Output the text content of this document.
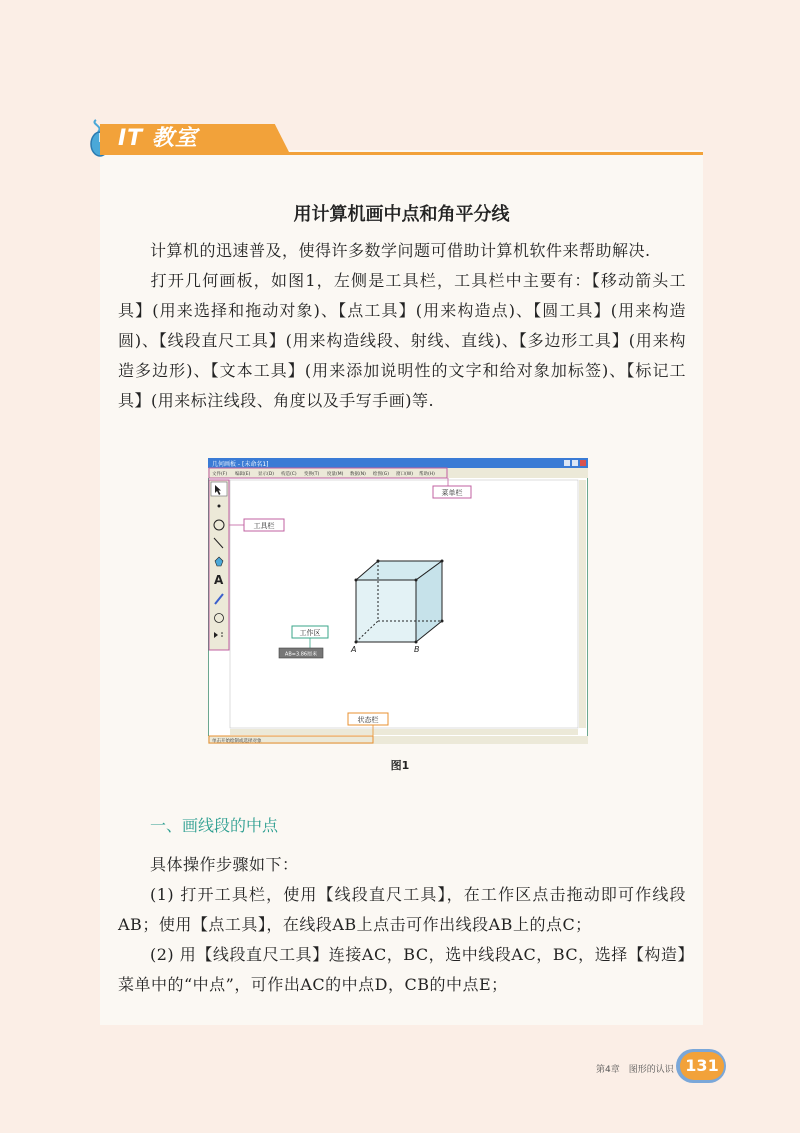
IT 教室
用计算机画中点和角平分线

计算机的迅速普及，使得许多数学问题可借助计算机软件来帮助解决.

打开几何画板，如图1，左侧是工具栏，工具栏中主要有：【移动箭头工具】(用来选择和拖动对象)、【点工具】(用来构造点)、【圆工具】(用来构造圆)、【线段直尺工具】(用来构造线段、射线、直线)、【多边形工具】(用来构造多边形)、【文本工具】(用来添加说明性的文字和给对象加标签)、【标记工具】(用来标注线段、角度以及手写手画)等.

几何画板 - [未命名1]
文件(F) 编辑(E) 显示(D) 构造(C) 变换(T) 度量(M) 数据(N) 绘图(G) 窗口(W) 帮助(H)
A
单击开始绘制或选择对象
菜单栏
工具栏
工作区
AB=3.86厘米
状态栏
A	B
图1
一、画线段的中点

具体操作步骤如下：

(1) 打开工具栏，使用【线段直尺工具】，在工作区点击拖动即可作线段AB；使用【点工具】，在线段AB上点击可作出线段AB上的点C；

(2) 用【线段直尺工具】连接AC，BC，选中线段AC，BC，选择【构造】菜单中的“中点”，可作出AC的中点D，CB的中点E；

第4章　图形的认识 131
